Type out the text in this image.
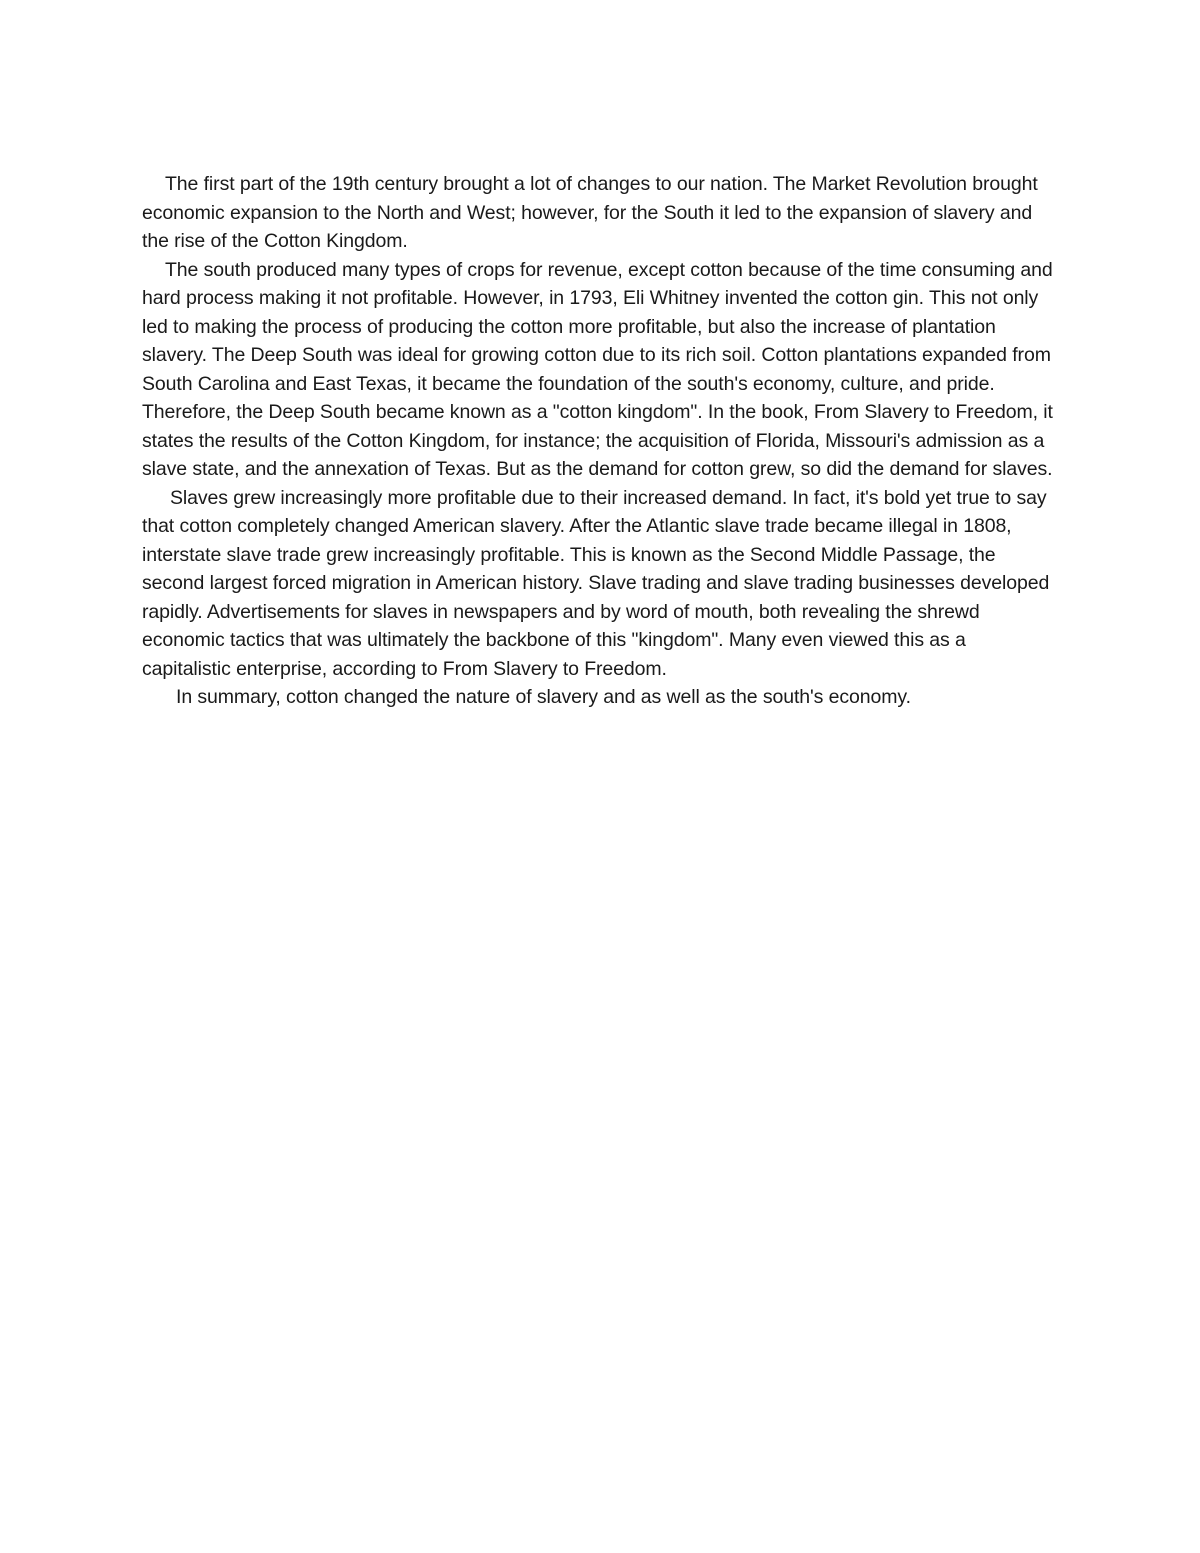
The first part of the 19th century brought a lot of changes to our nation. The Market Revolution brought economic expansion to the North and West; however, for the South it led to the expansion of slavery and the rise of the Cotton Kingdom.

The south produced many types of crops for revenue, except cotton because of the time consuming and hard process making it not profitable. However, in 1793, Eli Whitney invented the cotton gin. This not only led to making the process of producing the cotton more profitable, but also the increase of plantation slavery. The Deep South was ideal for growing cotton due to its rich soil. Cotton plantations expanded from South Carolina and East Texas, it became the foundation of the south's economy, culture, and pride. Therefore, the Deep South became known as a "cotton kingdom". In the book, From Slavery to Freedom, it states the results of the Cotton Kingdom, for instance; the acquisition of Florida, Missouri's admission as a slave state, and the annexation of Texas. But as the demand for cotton grew, so did the demand for slaves.

Slaves grew increasingly more profitable due to their increased demand. In fact, it's bold yet true to say that cotton completely changed American slavery. After the Atlantic slave trade became illegal in 1808, interstate slave trade grew increasingly profitable. This is known as the Second Middle Passage, the second largest forced migration in American history. Slave trading and slave trading businesses developed rapidly. Advertisements for slaves in newspapers and by word of mouth, both revealing the shrewd economic tactics that was ultimately the backbone of this "kingdom". Many even viewed this as a capitalistic enterprise, according to From Slavery to Freedom.

In summary, cotton changed the nature of slavery and as well as the south's economy.
